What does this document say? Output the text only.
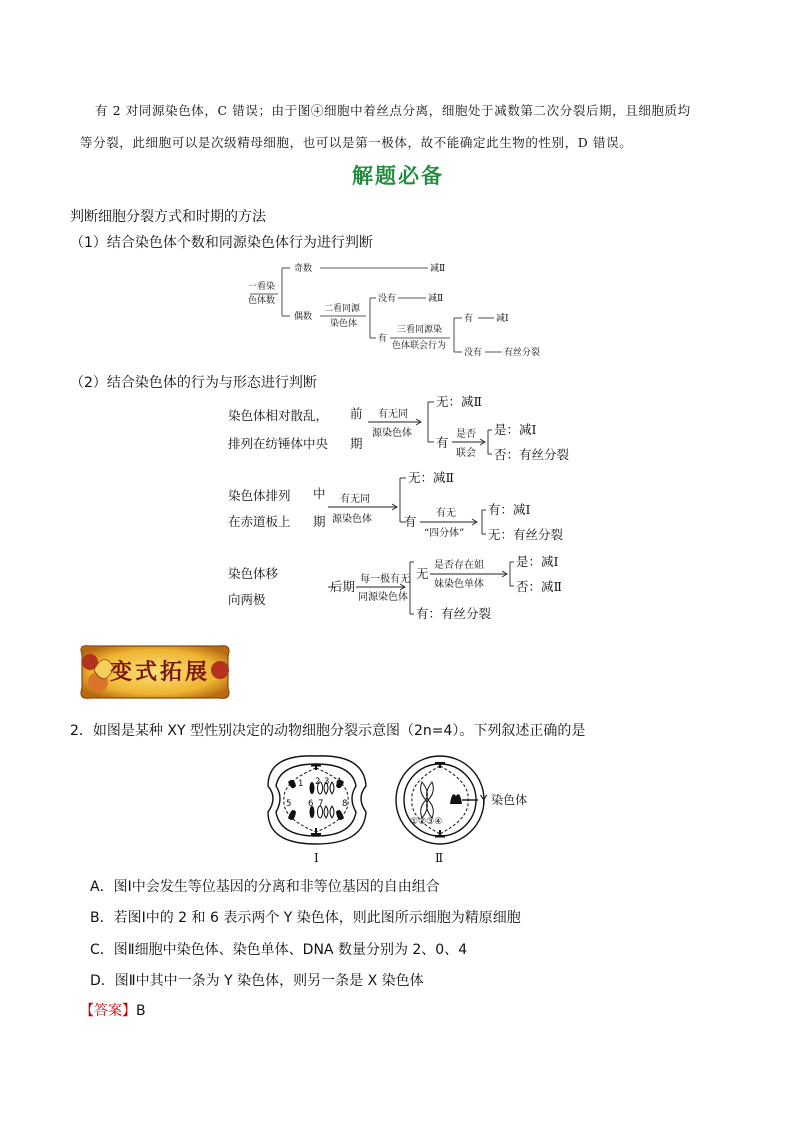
有 2 对同源染色体，C 错误；由于图④细胞中着丝点分离，细胞处于减数第二次分裂后期，且细胞质均
等分裂，此细胞可以是次级精母细胞，也可以是第一极体，故不能确定此生物的性别，D 错误。
解题必备
判断细胞分裂方式和时期的方法
（1）结合染色体个数和同源染色体行为进行判断
一看染
色体数
奇数	减Ⅱ
偶数
二看同源
染色体
没有	减Ⅱ
有
三看同源染
色体联会行为
有	减Ⅰ
没有 有丝分裂
（2）结合染色体的行为与形态进行判断
染色体相对散乱，
排列在纺锤体中央
前
期
有无同
源染色体
无：减Ⅱ
有
是否
联会
是：减Ⅰ
否：有丝分裂
染色体排列
在赤道板上
中
期
有无同
源染色体
无：减Ⅱ
有
有无
“四分体”
有：减Ⅰ
无：有丝分裂
染色体移
向两极
后期 每一极有无
同源染色体
无
是否存在姐
妹染色单体
是：减Ⅰ
否：减Ⅱ
有：有丝分裂
变式拓展
2．如图是某种 XY 型性别决定的动物细胞分裂示意图（2n=4）。下列叙述正确的是
1 2 3 4
5 6 7 8
①②③④
Y 染色体
Ⅰ	Ⅱ
A．图Ⅰ中会发生等位基因的分离和非等位基因的自由组合
B．若图Ⅰ中的 2 和 6 表示两个 Y 染色体，则此图所示细胞为精原细胞
C．图Ⅱ细胞中染色体、染色单体、DNA 数量分别为 2、0、4
D．图Ⅱ中其中一条为 Y 染色体，则另一条是 X 染色体
【答案】B
